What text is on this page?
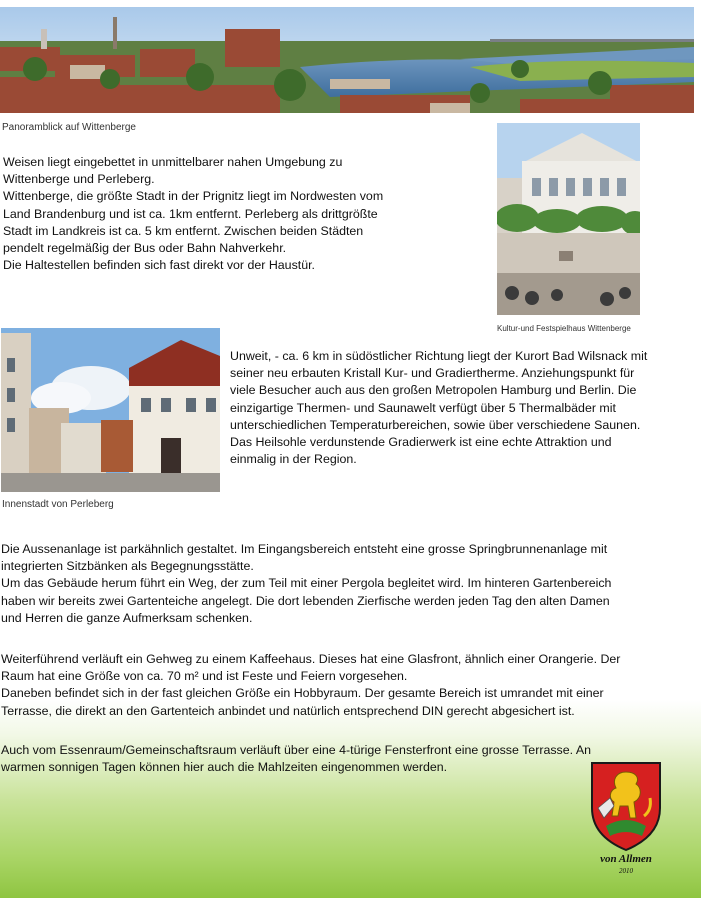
Panoramblick auf Wittenberge

Weisen liegt eingebettet in unmittelbarer nahen Umgebung zu

Wittenberge und Perleberg.

Wittenberge, die größte Stadt in der Prignitz liegt im Nordwesten vom

Land Brandenburg und ist ca. 1km entfernt. Perleberg als drittgrößte

Stadt im Landkreis ist ca. 5 km entfernt. Zwischen beiden Städten

pendelt regelmäßig der Bus oder Bahn Nahverkehr.

Die Haltestellen befinden sich fast direkt vor der Haustür.

Kultur-und Festspielhaus Wittenberge
Innenstadt von Perleberg

Unweit, - ca. 6 km in südöstlicher Richtung liegt der Kurort Bad Wilsnack mit

seiner neu erbauten Kristall Kur- und Gradiertherme. Anziehungspunkt für

viele Besucher auch aus den großen Metropolen Hamburg und Berlin. Die

einzigartige Thermen- und Saunawelt verfügt über 5 Thermalbäder mit

unterschiedlichen Temperaturbereichen, sowie über verschiedene Saunen.

Das Heilsohle verdunstende Gradierwerk ist eine echte Attraktion und

einmalig in der Region.

Die Aussenanlage ist parkähnlich gestaltet. Im Eingangsbereich entsteht eine grosse Springbrunnenanlage mit

integrierten Sitzbänken als Begegnungsstätte.

Um das Gebäude herum führt ein Weg, der zum Teil mit einer Pergola begleitet wird. Im hinteren Gartenbereich

haben wir bereits zwei Gartenteiche angelegt. Die dort lebenden Zierfische werden jeden Tag den alten Damen

und Herren die ganze Aufmerksam schenken.

Weiterführend verläuft ein Gehweg zu einem Kaffeehaus. Dieses hat eine Glasfront, ähnlich einer Orangerie. Der

Raum hat eine Größe von ca. 70 m² und ist Feste und Feiern vorgesehen.

Daneben befindet sich in der fast gleichen Größe ein Hobbyraum. Der gesamte Bereich ist umrandet mit einer

Terrasse, die direkt an den Gartenteich anbindet und natürlich entsprechend DIN gerecht abgesichert ist.

Auch vom Essenraum/Gemeinschaftsraum verläuft über eine 4-türige Fensterfront eine grosse Terrasse. An

warmen sonnigen Tagen können hier auch die Mahlzeiten eingenommen werden.

von Allmen
2010
